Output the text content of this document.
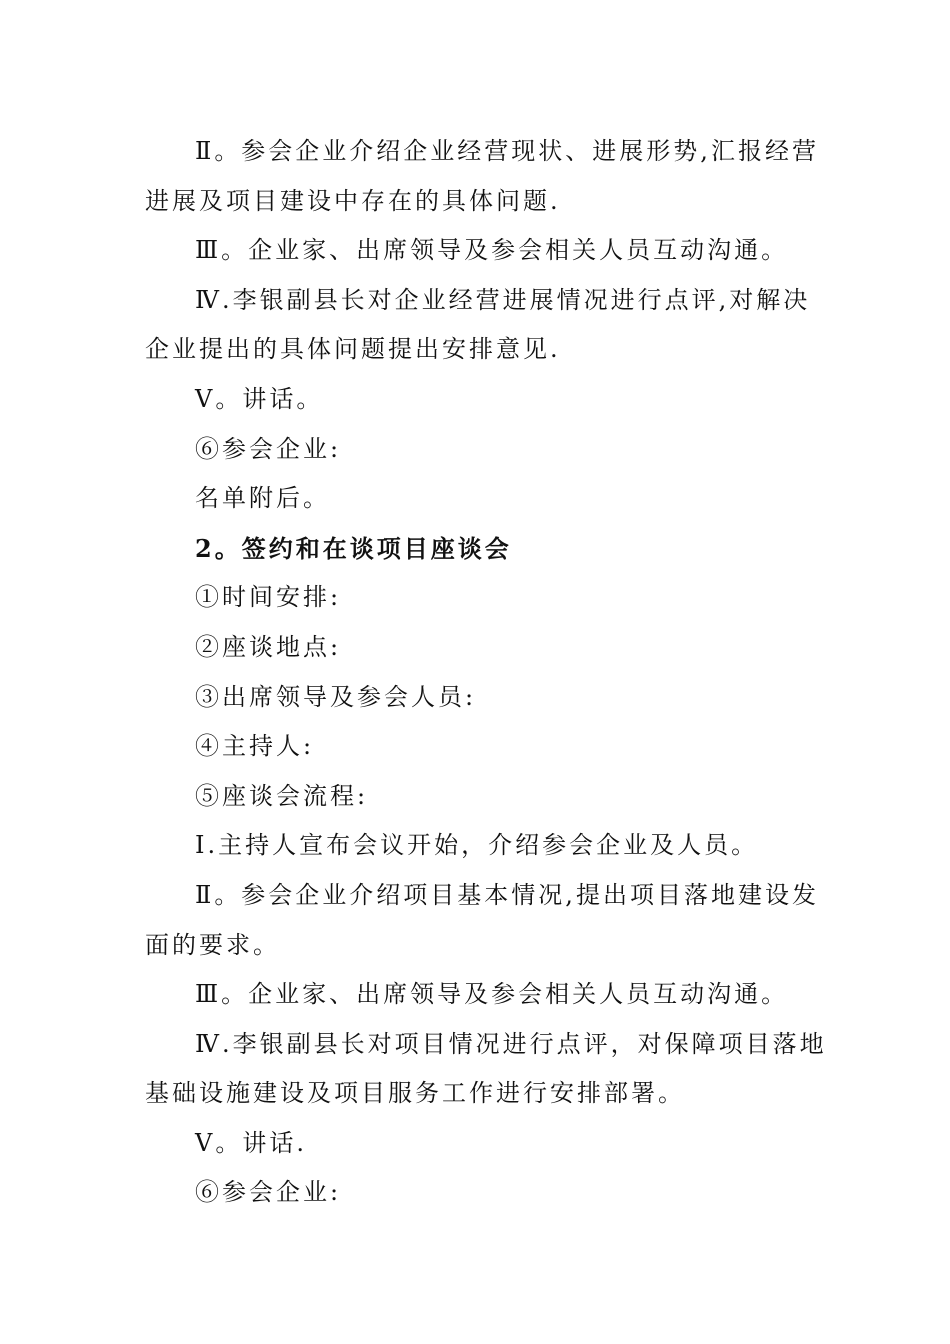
Ⅱ。参会企业介绍企业经营现状、进展形势,汇报经营

进展及项目建设中存在的具体问题.

Ⅲ。企业家、出席领导及参会相关人员互动沟通。

Ⅳ.李银副县长对企业经营进展情况进行点评,对解决

企业提出的具体问题提出安排意见.

Ⅴ。讲话。

⑥参会企业:

名单附后。

2。签约和在谈项目座谈会

①时间安排:

②座谈地点:

③出席领导及参会人员:

④主持人:

⑤座谈会流程:

Ⅰ.主持人宣布会议开始，介绍参会企业及人员。

Ⅱ。参会企业介绍项目基本情况,提出项目落地建设发

面的要求。

Ⅲ。企业家、出席领导及参会相关人员互动沟通。

Ⅳ.李银副县长对项目情况进行点评，对保障项目落地

基础设施建设及项目服务工作进行安排部署。

Ⅴ。讲话.

⑥参会企业:
